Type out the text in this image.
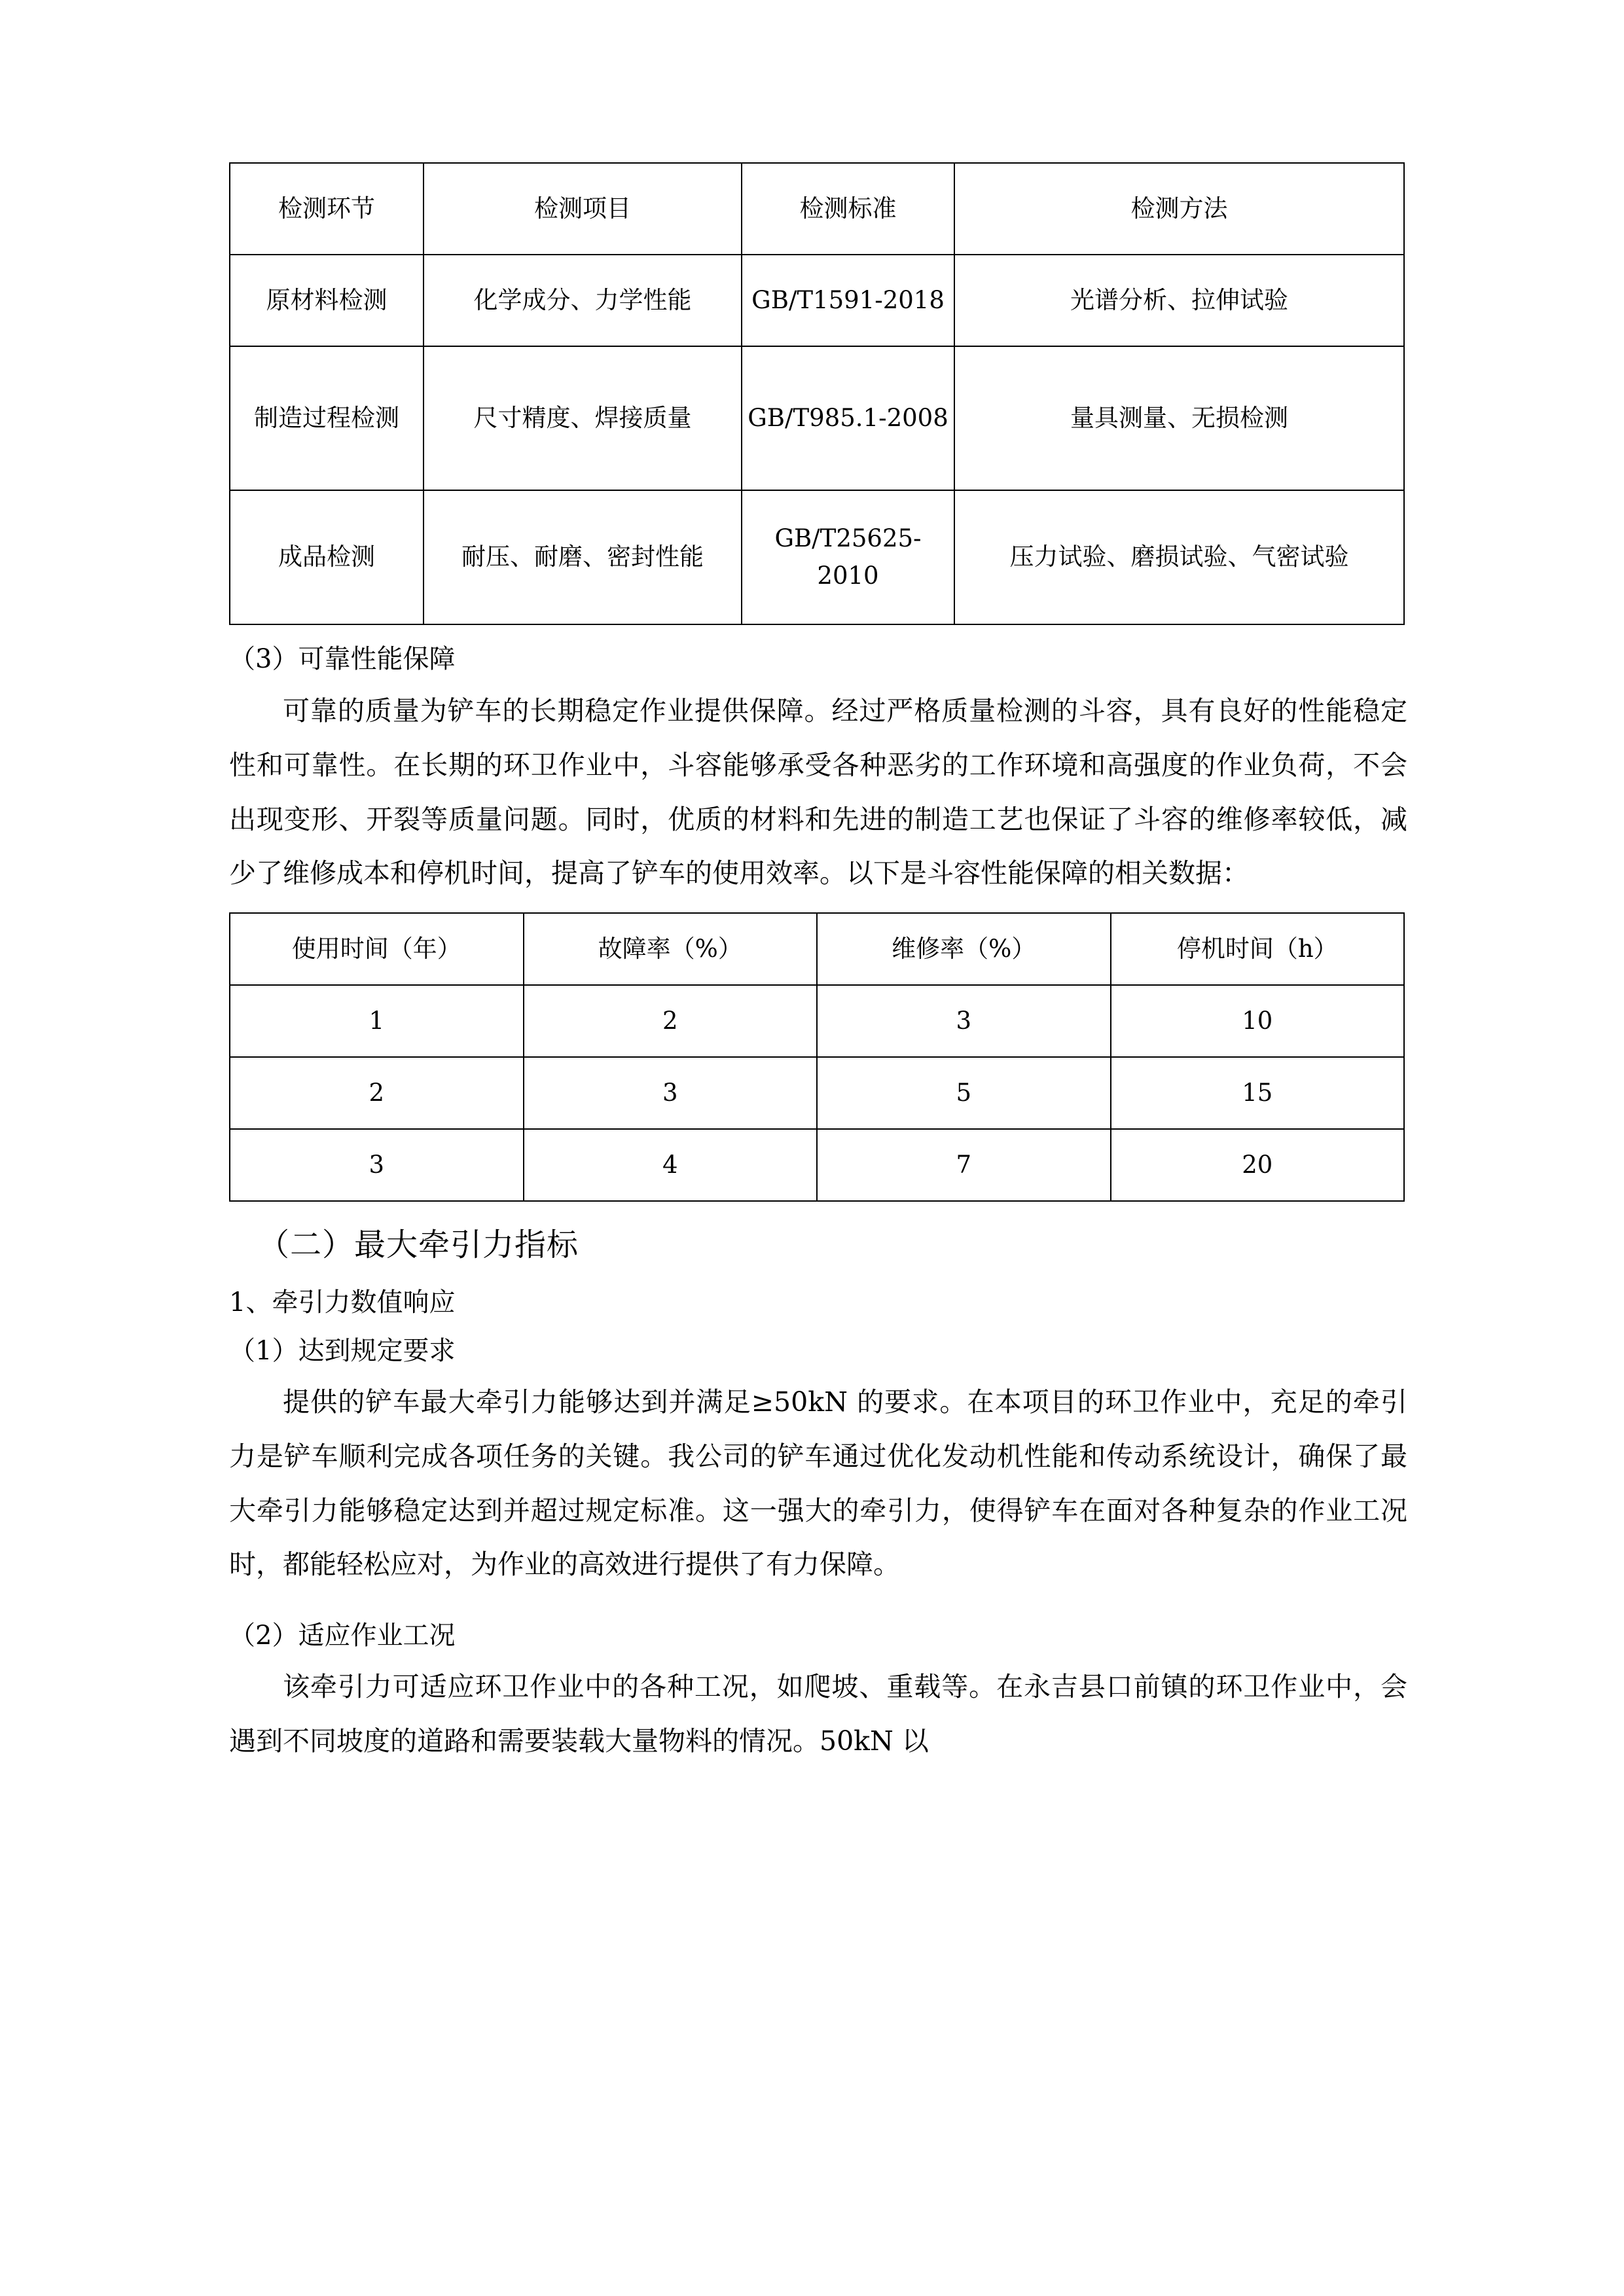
检测环节	检测项目	检测标准	检测方法
原材料检测	化学成分、力学性能	GB/T1591-2018	光谱分析、拉伸试验
制造过程检测	尺寸精度、焊接质量	GB/T985.1-2008	量具测量、无损检测
成品检测	耐压、耐磨、密封性能	GB/T25625-2010	压力试验、磨损试验、气密试验

（3）可靠性能保障

可靠的质量为铲车的长期稳定作业提供保障。经过严格质量检测的斗容，具有良好的性能稳定性和可靠性。在长期的环卫作业中，斗容能够承受各种恶劣的工作环境和高强度的作业负荷，不会出现变形、开裂等质量问题。同时，优质的材料和先进的制造工艺也保证了斗容的维修率较低，减少了维修成本和停机时间，提高了铲车的使用效率。以下是斗容性能保障的相关数据：

使用时间（年）	故障率（%）	维修率（%）	停机时间（h）
1	2	3	10
2	3	5	15
3	4	7	20

（二）最大牵引力指标

1、牵引力数值响应

（1）达到规定要求

提供的铲车最大牵引力能够达到并满足≥50kN 的要求。在本项目的环卫作业中，充足的牵引力是铲车顺利完成各项任务的关键。我公司的铲车通过优化发动机性能和传动系统设计，确保了最大牵引力能够稳定达到并超过规定标准。这一强大的牵引力，使得铲车在面对各种复杂的作业工况时，都能轻松应对，为作业的高效进行提供了有力保障。

（2）适应作业工况

该牵引力可适应环卫作业中的各种工况，如爬坡、重载等。在永吉县口前镇的环卫作业中，会遇到不同坡度的道路和需要装载大量物料的情况。50kN 以
